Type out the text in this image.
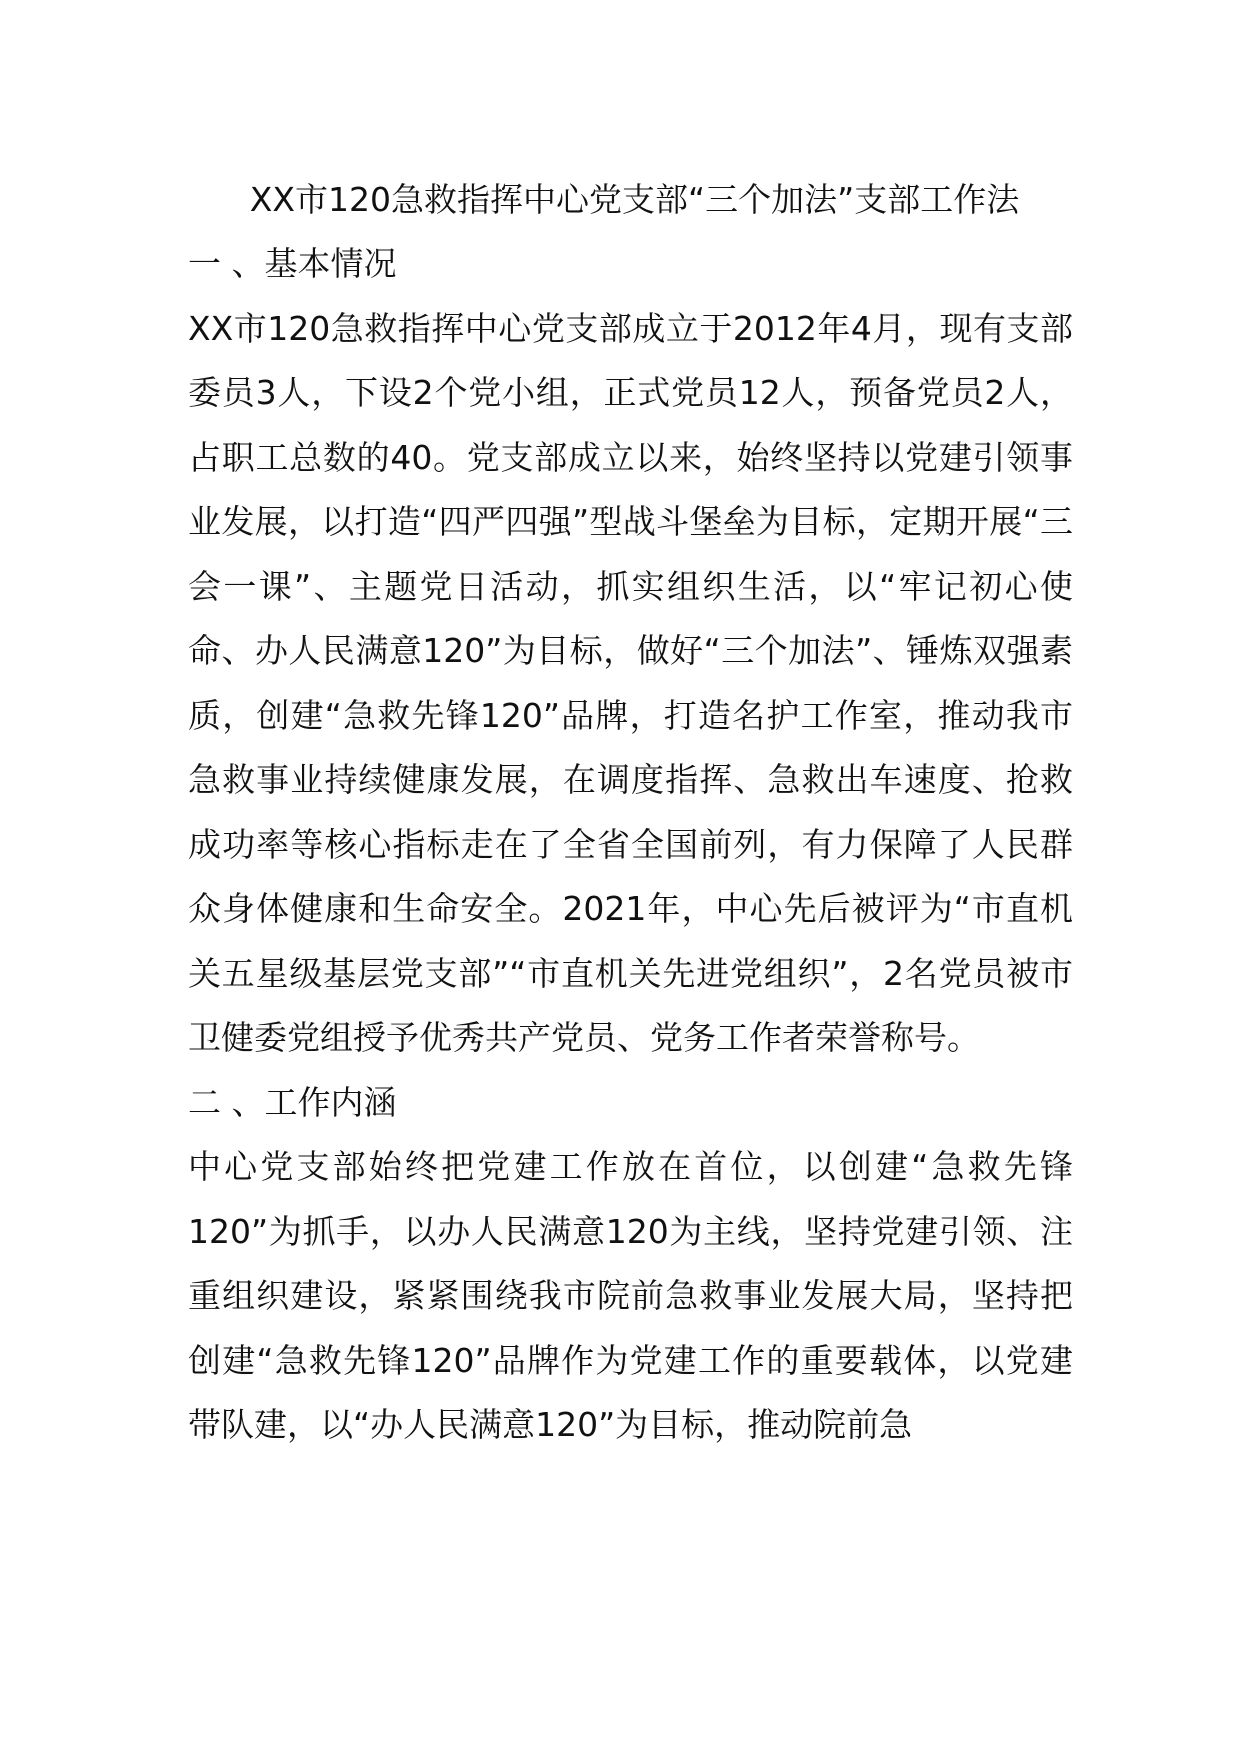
XX市120急救指挥中心党支部“三个加法”支部工作法
一 、基本情况

XX市120急救指挥中心党支部成立于2012年4月，现有支部委员3人，下设2个党小组，正式党员12人，预备党员2人，占职工总数的40。党支部成立以来，始终坚持以党建引领事业发展，以打造“四严四强”型战斗堡垒为目标，定期开展“三会一课”、主题党日活动，抓实组织生活，以“牢记初心使命、办人民满意120”为目标，做好“三个加法”、锤炼双强素质，创建“急救先锋120”品牌，打造名护工作室，推动我市急救事业持续健康发展，在调度指挥、急救出车速度、抢救成功率等核心指标走在了全省全国前列，有力保障了人民群众身体健康和生命安全。2021年，中心先后被评为“市直机关五星级基层党支部”“市直机关先进党组织”，2名党员被市卫健委党组授予优秀共产党员、党务工作者荣誉称号。

二 、工作内涵

中心党支部始终把党建工作放在首位，以创建“急救先锋120”为抓手，以办人民满意120为主线，坚持党建引领、注重组织建设，紧紧围绕我市院前急救事业发展大局，坚持把创建“急救先锋120”品牌作为党建工作的重要载体，以党建带队建，以“办人民满意120”为目标，推动院前急
